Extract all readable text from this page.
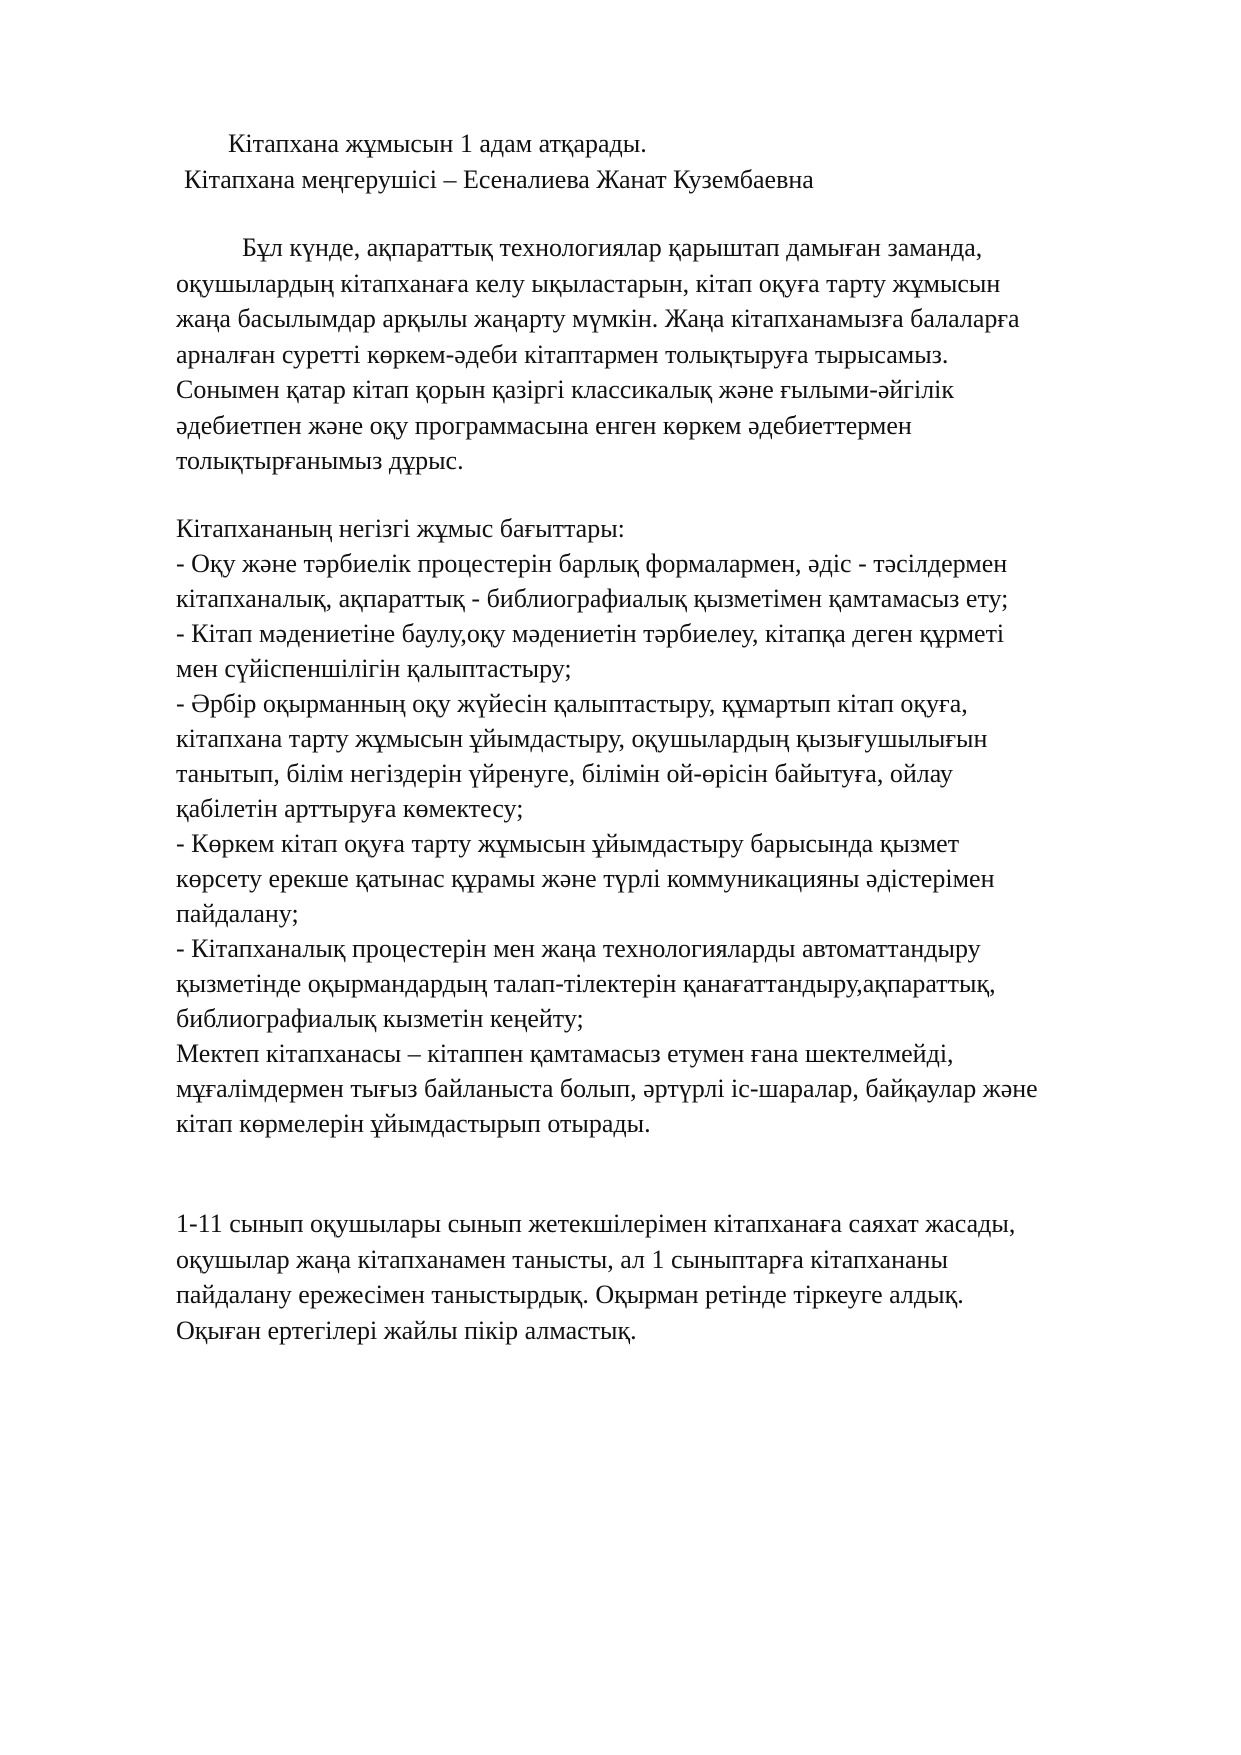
Кітапхана жұмысын 1 адам атқарады.

Кітапхана меңгерушісі – Есеналиева Жанат Кузембаевна

Бұл күнде, ақпараттық технологиялар қарыштап дамыған заманда,

оқушылардың кітапханаға келу ықыластарын, кітап оқуға тарту жұмысын

жаңа басылымдар арқылы жаңарту мүмкін. Жаңа кітапханамызға балаларға

арналған суретті көркем-әдеби кітаптармен толықтыруға тырысамыз.

Сонымен қатар кітап қорын қазіргі классикалық және ғылыми-әйгілік

әдебиетпен және оқу программасына енген көркем әдебиеттермен

толықтырғанымыз дұрыс.

Кітапхананың негізгі жұмыс бағыттары:

- Оқу және тәрбиелік процестерін барлық формалармен, әдіс - тәсілдермен

кітапханалық, ақпараттық - библиографиалық қызметімен қамтамасыз ету;

- Кітап мәдениетіне баулу,оқу мәдениетін тәрбиелеу, кітапқа деген құрметі

мен сүйіспеншілігін қалыптастыру;

- Әрбір оқырманның оқу жүйесін қалыптастыру, құмартып кітап оқуға,

кітапхана тарту жұмысын ұйымдастыру, оқушылардың қызығушылығын

танытып, білім негіздерін үйренуге, білімін ой-өрісін байытуға, ойлау

қабілетін арттыруға көмектесу;

- Көркем кітап оқуға тарту жұмысын ұйымдастыру барысында қызмет

көрсету ерекше қатынас құрамы және түрлі коммуникацияны әдістерімен

пайдалану;

- Кітапханалық процестерін мен жаңа технологияларды автоматтандыру

қызметінде оқырмандардың талап-тілектерін қанағаттандыру,ақпараттық,

библиографиалық кызметін кеңейту;

Мектеп кітапханасы – кітаппен қамтамасыз етумен ғана шектелмейді,

мұғалімдермен тығыз байланыста болып, әртүрлі іс-шаралар, байқаулар және

кітап көрмелерін ұйымдастырып отырады.

1-11 сынып оқушылары сынып жетекшілерімен кітапханаға саяхат жасады,

оқушылар жаңа кітапханамен танысты, ал 1 сыныптарға кітапхананы

пайдалану ережесімен таныстырдық. Оқырман ретінде тіркеуге алдық.

Оқыған ертегілері жайлы пікір алмастық.
